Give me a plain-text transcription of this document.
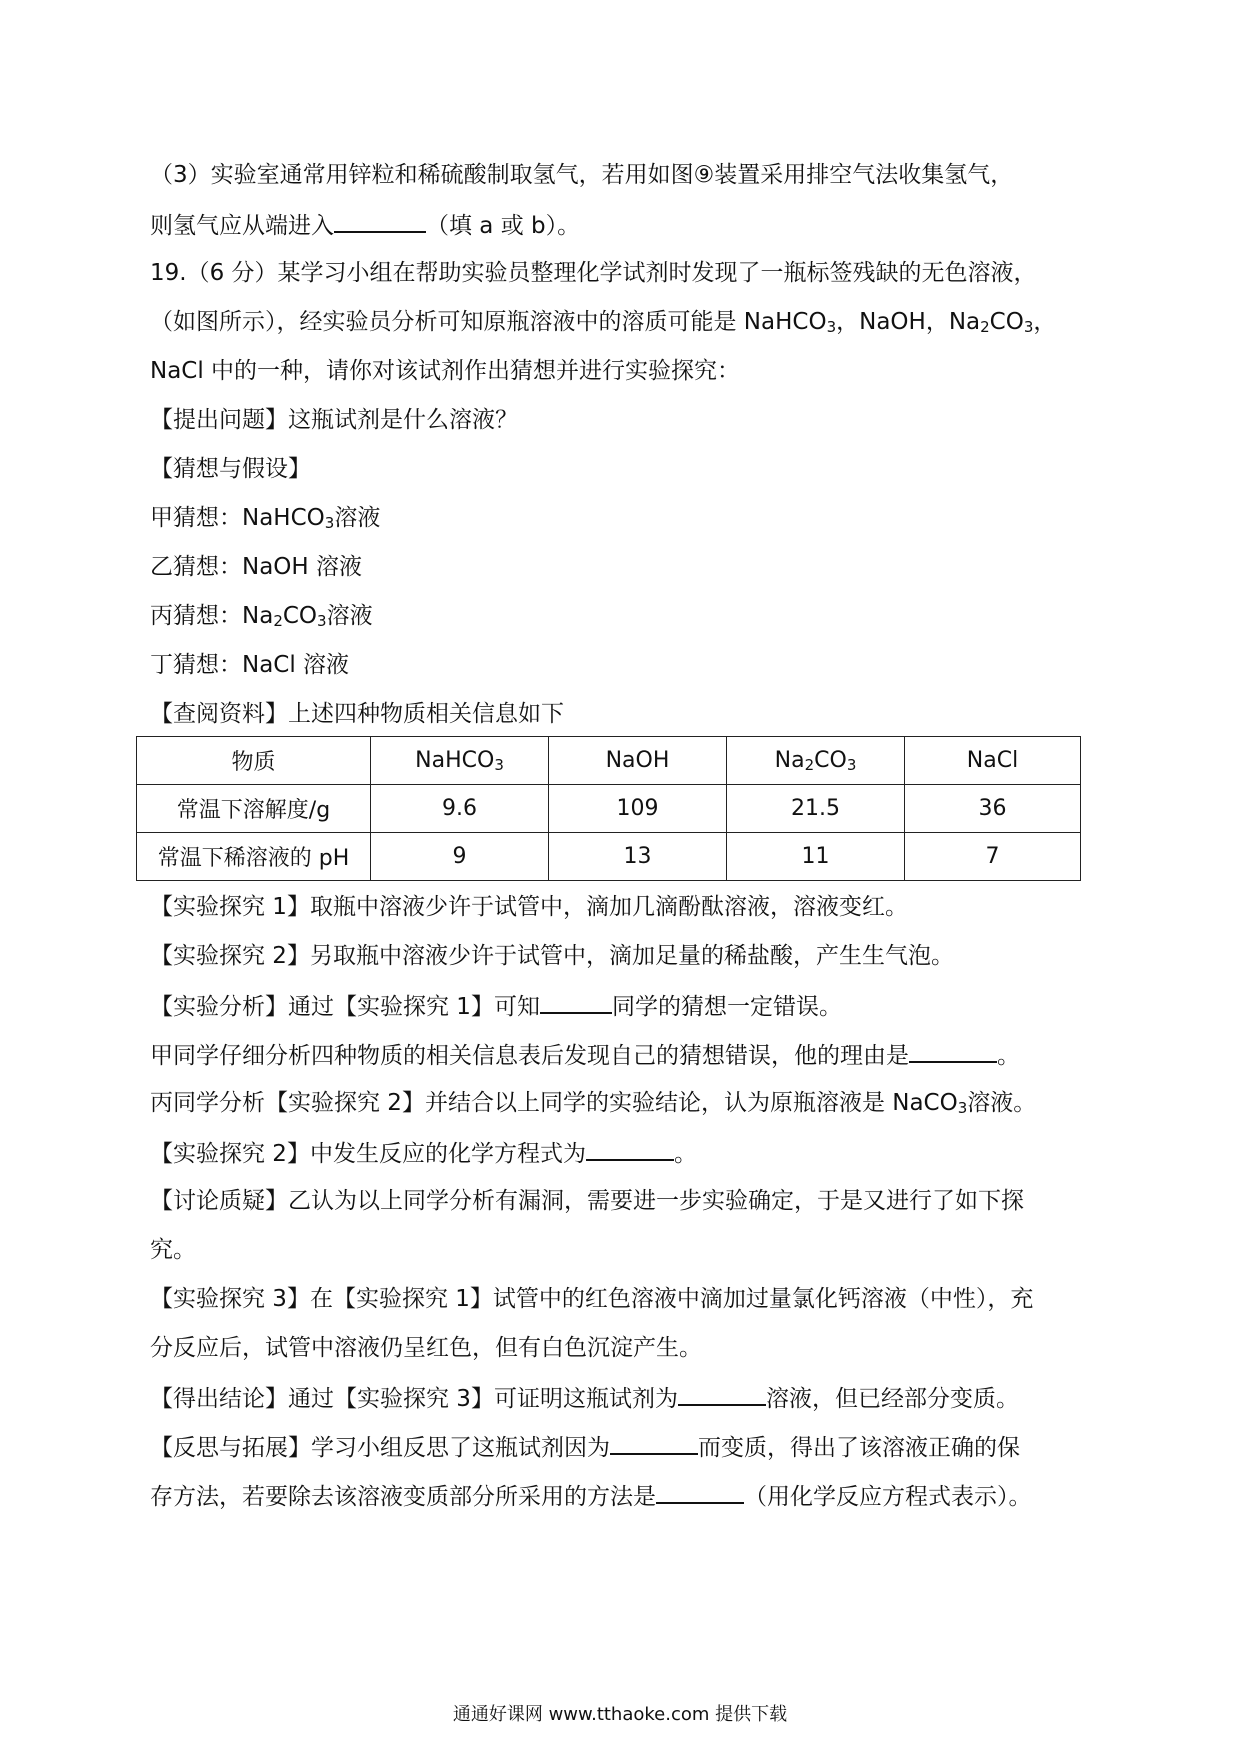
（3）实验室通常用锌粒和稀硫酸制取氢气，若用如图⑨装置采用排空气法收集氢气，
则氢气应从端进入	（填 a 或 b）。
19.（6 分）某学习小组在帮助实验员整理化学试剂时发现了一瓶标签残缺的无色溶液，
（如图所示），经实验员分析可知原瓶溶液中的溶质可能是 NaHCO$_3$，NaOH，$Na_2CO_3$，
NaCl 中的一种，请你对该试剂作出猜想并进行实验探究：
【提出问题】这瓶试剂是什么溶液？
【猜想与假设】
甲猜想：NaHCO$_3$溶液
乙猜想：NaOH 溶液
丙猜想：$Na_2CO_3$溶液
丁猜想：NaCl 溶液
【查阅资料】上述四种物质相关信息如下
物质	NaHCO$_3$	NaOH	$Na_2CO_3$	NaCl
常温下溶解度/g	9.6	109	21.5	36
常温下稀溶液的 pH	9	13	11	7
【实验探究 1】取瓶中溶液少许于试管中，滴加几滴酚酞溶液，溶液变红。
【实验探究 2】另取瓶中溶液少许于试管中，滴加足量的稀盐酸，产生生气泡。
【实验分析】通过【实验探究 1】可知	同学的猜想一定错误。
甲同学仔细分析四种物质的相关信息表后发现自己的猜想错误，他的理由是	。
丙同学分析【实验探究 2】并结合以上同学的实验结论，认为原瓶溶液是 NaCO$_3$溶液。
【实验探究 2】中发生反应的化学方程式为	。
【讨论质疑】乙认为以上同学分析有漏洞，需要进一步实验确定，于是又进行了如下探
究。
【实验探究 3】在【实验探究 1】试管中的红色溶液中滴加过量氯化钙溶液（中性），充
分反应后，试管中溶液仍呈红色，但有白色沉淀产生。
【得出结论】通过【实验探究 3】可证明这瓶试剂为	溶液，但已经部分变质。
【反思与拓展】学习小组反思了这瓶试剂因为	而变质，得出了该溶液正确的保
存方法，若要除去该溶液变质部分所采用的方法是	（用化学反应方程式表示）。
通通好课网 www.tthaoke.com 提供下载
